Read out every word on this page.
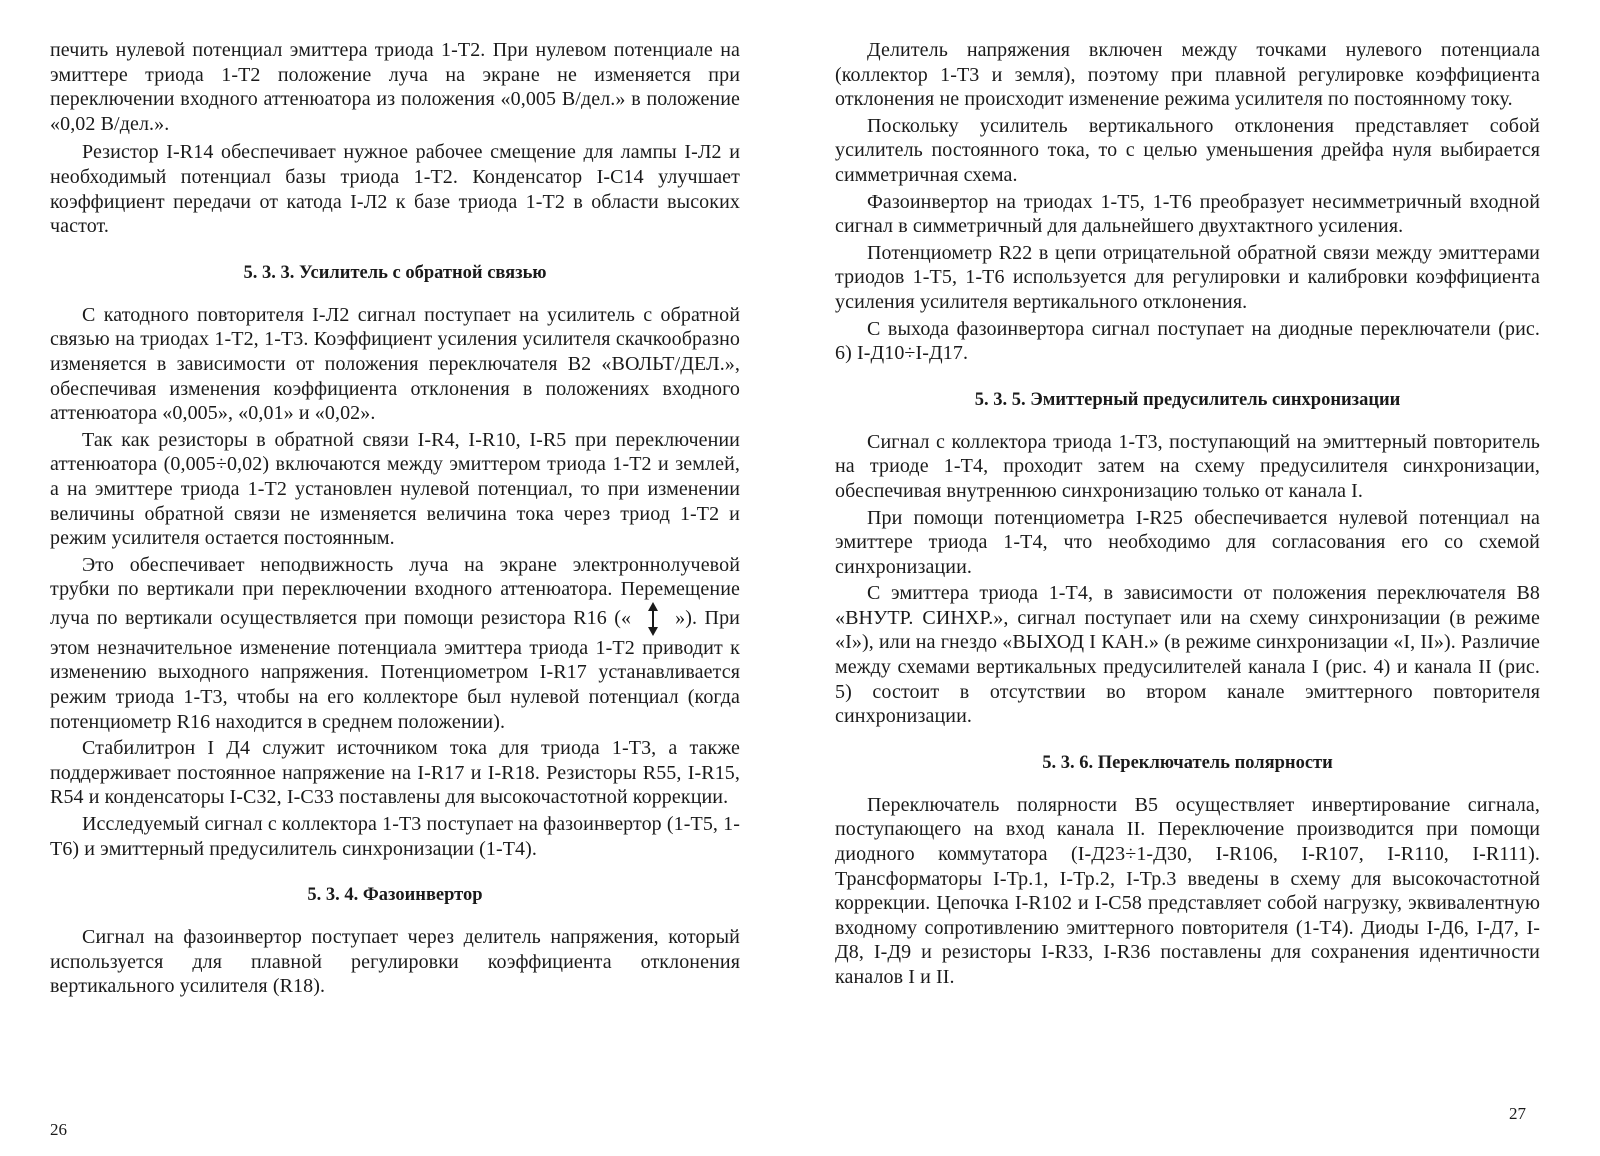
печить нулевой потенциал эмиттера триода 1-Т2. При нулевом потенциале на эмиттере триода 1-Т2 положение луча на экране не изменяется при переключении входного аттенюатора из положения «0,005 В/дел.» в положение «0,02 В/дел.».

Резистор I-R14 обеспечивает нужное рабочее смещение для лампы I-Л2 и необходимый потенциал базы триода 1-Т2. Конденсатор I-С14 улучшает коэффициент передачи от катода I-Л2 к базе триода 1-Т2 в области высоких частот.

5. 3. 3. Усилитель с обратной связью

С катодного повторителя I-Л2 сигнал поступает на усилитель с обратной связью на триодах 1-Т2, 1-Т3. Коэффициент усиления усилителя скачкообразно изменяется в зависимости от положения переключателя В2 «ВОЛЬТ/ДЕЛ.», обеспечивая изменения коэффициента отклонения в положениях входного аттенюатора «0,005», «0,01» и «0,02».

Так как резисторы в обратной связи I-R4, I-R10, I-R5 при переключении аттенюатора (0,005÷0,02) включаются между эмиттером триода 1-Т2 и землей, а на эмиттере триода 1-Т2 установлен нулевой потенциал, то при изменении величины обратной связи не изменяется величина тока через триод 1-Т2 и режим усилителя остается постоянным.

Это обеспечивает неподвижность луча на экране электроннолучевой трубки по вертикали при переключении входного аттенюатора. Перемещение луча по вертикали осуществляется при помощи резистора R16 (« »). При этом незначительное изменение потенциала эмиттера триода 1-Т2 приводит к изменению выходного напряжения. Потенциометром I-R17 устанавливается режим триода 1-Т3, чтобы на его коллекторе был нулевой потенциал (когда потенциометр R16 находится в среднем положении).

Стабилитрон I Д4 служит источником тока для триода 1-Т3, а также поддерживает постоянное напряжение на I-R17 и I-R18. Резисторы R55, I-R15, R54 и конденсаторы I-С32, I-С33 поставлены для высокочастотной коррекции.

Исследуемый сигнал с коллектора 1-Т3 поступает на фазоинвертор (1-Т5, 1-Т6) и эмиттерный предусилитель синхронизации (1-Т4).

5. 3. 4. Фазоинвертор

Сигнал на фазоинвертор поступает через делитель напряжения, который используется для плавной регулировки коэффициента отклонения вертикального усилителя (R18).

26

Делитель напряжения включен между точками нулевого потенциала (коллектор 1-Т3 и земля), поэтому при плавной регулировке коэффициента отклонения не происходит изменение режима усилителя по постоянному току.

Поскольку усилитель вертикального отклонения представляет собой усилитель постоянного тока, то с целью уменьшения дрейфа нуля выбирается симметричная схема.

Фазоинвертор на триодах 1-Т5, 1-Т6 преобразует несимметричный входной сигнал в симметричный для дальнейшего двухтактного усиления.

Потенциометр R22 в цепи отрицательной обратной связи между эмиттерами триодов 1-Т5, 1-Т6 используется для регулировки и калибровки коэффициента усиления усилителя вертикального отклонения.

С выхода фазоинвертора сигнал поступает на диодные переключатели (рис. 6) I-Д10÷I-Д17.

5. 3. 5. Эмиттерный предусилитель синхронизации

Сигнал с коллектора триода 1-Т3, поступающий на эмиттерный повторитель на триоде 1-Т4, проходит затем на схему предусилителя синхронизации, обеспечивая внутреннюю синхронизацию только от канала I.

При помощи потенциометра I-R25 обеспечивается нулевой потенциал на эмиттере триода 1-Т4, что необходимо для согласования его со схемой синхронизации.

С эмиттера триода 1-Т4, в зависимости от положения переключателя В8 «ВНУТР. СИНХР.», сигнал поступает или на схему синхронизации (в режиме «I»), или на гнездо «ВЫХОД I КАН.» (в режиме синхронизации «I, II»). Различие между схемами вертикальных предусилителей канала I (рис. 4) и канала II (рис. 5) состоит в отсутствии во втором канале эмиттерного повторителя синхронизации.

5. 3. 6. Переключатель полярности

Переключатель полярности В5 осуществляет инвертирование сигнала, поступающего на вход канала II. Переключение производится при помощи диодного коммутатора (I-Д23÷1-Д30, I-R106, I-R107, I-R110, I-R111). Трансформаторы I-Тр.1, I-Тр.2, I-Тр.3 введены в схему для высокочастотной коррекции. Цепочка I-R102 и I-С58 представляет собой нагрузку, эквивалентную входному сопротивлению эмиттерного повторителя (1-Т4). Диоды I-Д6, I-Д7, I-Д8, I-Д9 и резисторы I-R33, I-R36 поставлены для сохранения идентичности каналов I и II.

27
